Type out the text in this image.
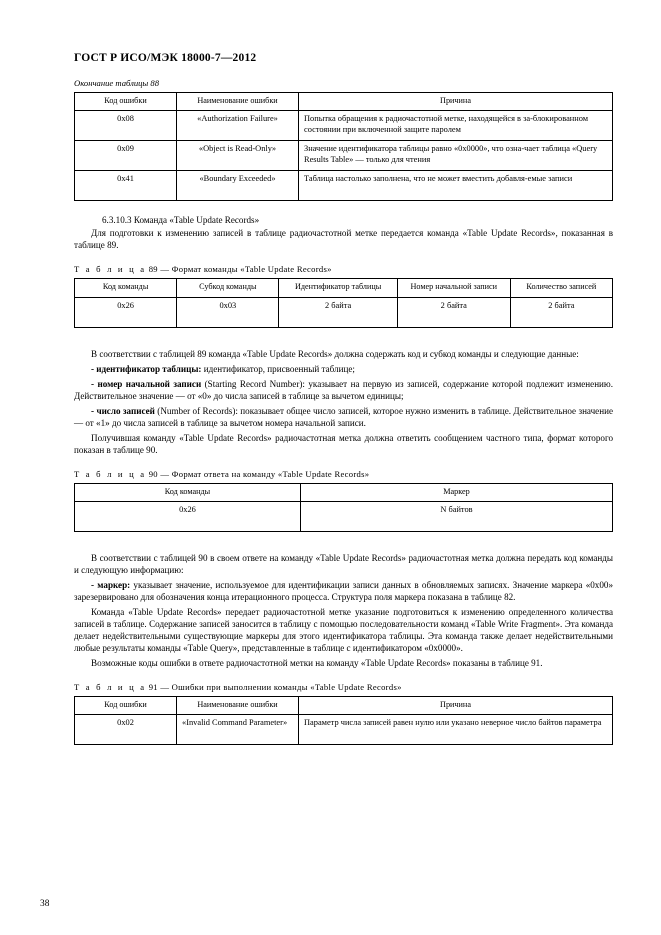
ГОСТ Р ИСО/МЭК 18000-7—2012
Окончание таблицы 88
Код ошибки	Наименование ошибки	Причина
0x08	«Authorization Failure»	Попытка обращения к радиочастотной метке, находящейся в за-блокированном состоянии при включенной защите паролем
0x09	«Object is Read-Only»	Значение идентификатора таблицы равно «0x0000», что озна-чает таблица «Query Results Table» — только для чтения
0x41	«Boundary Exceeded»	Таблица настолько заполнена, что не может вместить добавля-емые записи
6.3.10.3 Команда «Table Update Records»

Для подготовки к изменению записей в таблице радиочастотной метке передается команда «Table Update Records», показанная в таблице 89.

Т а б л и ц а 89 — Формат команды «Table Update Records»
Код команды	Субкод команды	Идентификатор таблицы	Номер начальной записи	Количество записей
0x26	0x03	2 байта	2 байта	2 байта

В соответствии с таблицей 89 команда «Table Update Records» должна содержать код и субкод команды и следующие данные:

- идентификатор таблицы: идентификатор, присвоенный таблице;

- номер начальной записи (Starting Record Number): указывает на первую из записей, содержание которой подлежит изменению. Действительное значение — от «0» до числа записей в таблице за вычетом единицы;

- число записей (Number of Records): показывает общее число записей, которое нужно изменить в таблице. Действительное значение — от «1» до числа записей в таблице за вычетом номера начальной записи.

Получившая команду «Table Update Records» радиочастотная метка должна ответить сообщением частного типа, формат которого показан в таблице 90.

Т а б л и ц а 90 — Формат ответа на команду «Table Update Records»
Код команды	Маркер
0x26	N байтов

В соответствии с таблицей 90 в своем ответе на команду «Table Update Records» радиочастотная метка должна передать код команды и следующую информацию:

- маркер: указывает значение, используемое для идентификации записи данных в обновляемых записях. Значение маркера «0x00» зарезервировано для обозначения конца итерационного процесса. Структура поля маркера показана в таблице 82.

Команда «Table Update Records» передает радиочастотной метке указание подготовиться к изменению определенного количества записей в таблице. Содержание записей заносится в таблицу с помощью последовательности команд «Table Write Fragment». Эта команда делает недействительными существующие маркеры для этого идентификатора таблицы. Эта команда также делает недействительными любые результаты команды «Table Query», представленные в таблице с идентификатором «0x0000».

Возможные коды ошибки в ответе радиочастотной метки на команду «Table Update Records» показаны в таблице 91.

Т а б л и ц а 91 — Ошибки при выполнении команды «Table Update Records»
Код ошибки	Наименование ошибки	Причина
0x02	«Invalid Command Parameter»	Параметр числа записей равен нулю или указано неверное число байтов параметра
38
